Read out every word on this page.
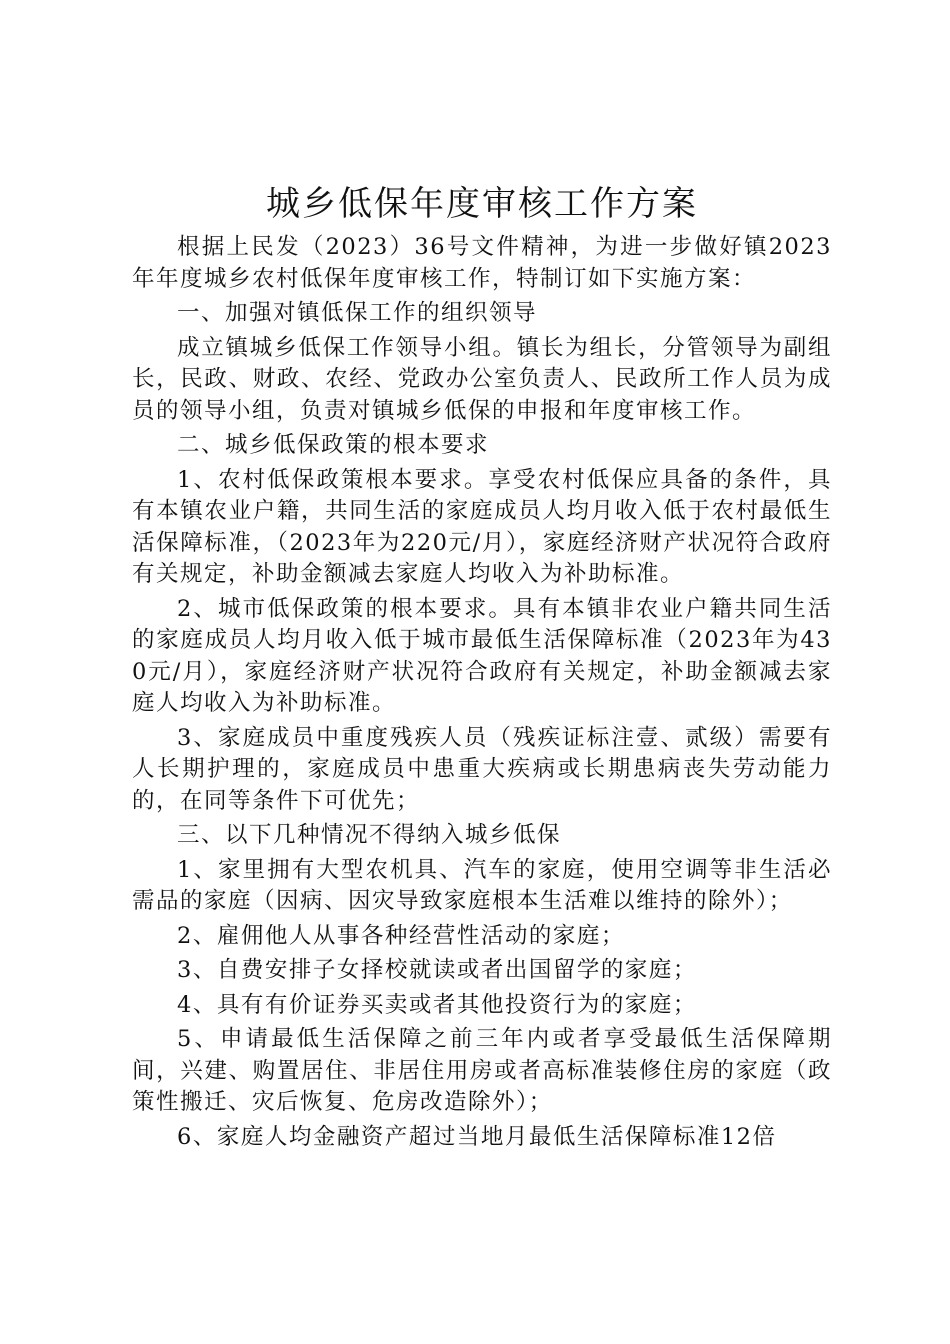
城乡低保年度审核工作方案

根据上民发（2023）36号文件精神，为进一步做好镇2023年年度城乡农村低保年度审核工作，特制订如下实施方案：

一、加强对镇低保工作的组织领导

成立镇城乡低保工作领导小组。镇长为组长，分管领导为副组长，民政、财政、农经、党政办公室负责人、民政所工作人员为成员的领导小组，负责对镇城乡低保的申报和年度审核工作。

二、城乡低保政策的根本要求

1、农村低保政策根本要求。享受农村低保应具备的条件，具有本镇农业户籍，共同生活的家庭成员人均月收入低于农村最低生活保障标准，（2023年为220元/月），家庭经济财产状况符合政府有关规定，补助金额减去家庭人均收入为补助标准。

2、城市低保政策的根本要求。具有本镇非农业户籍共同生活的家庭成员人均月收入低于城市最低生活保障标准（2023年为430元/月），家庭经济财产状况符合政府有关规定，补助金额减去家庭人均收入为补助标准。

3、家庭成员中重度残疾人员（残疾证标注壹、贰级）需要有人长期护理的，家庭成员中患重大疾病或长期患病丧失劳动能力的，在同等条件下可优先；

三、以下几种情况不得纳入城乡低保

1、家里拥有大型农机具、汽车的家庭，使用空调等非生活必需品的家庭（因病、因灾导致家庭根本生活难以维持的除外）；

2、雇佣他人从事各种经营性活动的家庭；

3、自费安排子女择校就读或者出国留学的家庭；

4、具有有价证券买卖或者其他投资行为的家庭；

5、申请最低生活保障之前三年内或者享受最低生活保障期间，兴建、购置居住、非居住用房或者高标准装修住房的家庭（政策性搬迁、灾后恢复、危房改造除外）；

6、家庭人均金融资产超过当地月最低生活保障标准12倍
